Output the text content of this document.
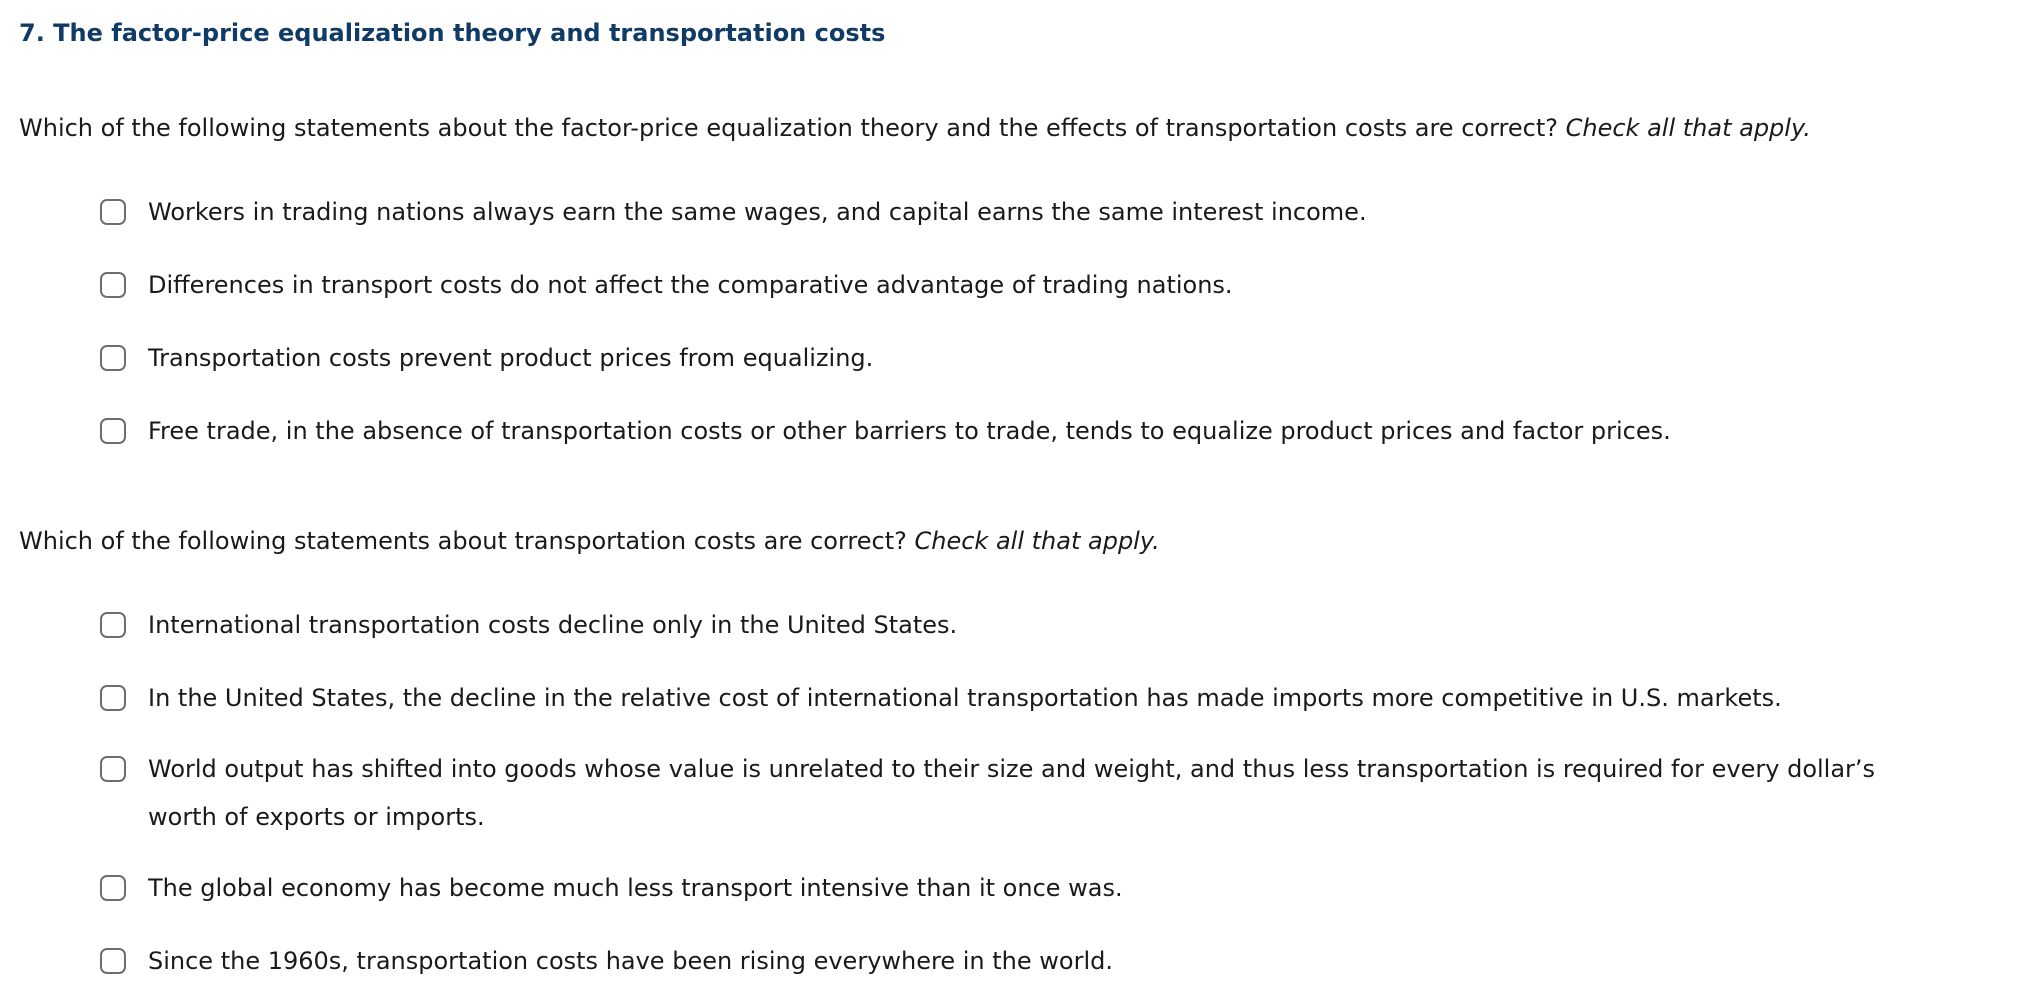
7. The factor-price equalization theory and transportation costs
Which of the following statements about the factor-price equalization theory and the effects of transportation costs are correct? Check all that apply.
Workers in trading nations always earn the same wages, and capital earns the same interest income.
Differences in transport costs do not affect the comparative advantage of trading nations.
Transportation costs prevent product prices from equalizing.
Free trade, in the absence of transportation costs or other barriers to trade, tends to equalize product prices and factor prices.
Which of the following statements about transportation costs are correct? Check all that apply.
International transportation costs decline only in the United States.
In the United States, the decline in the relative cost of international transportation has made imports more competitive in U.S. markets.
World output has shifted into goods whose value is unrelated to their size and weight, and thus less transportation is required for every dollar’s worth of exports or imports.
The global economy has become much less transport intensive than it once was.
Since the 1960s, transportation costs have been rising everywhere in the world.
